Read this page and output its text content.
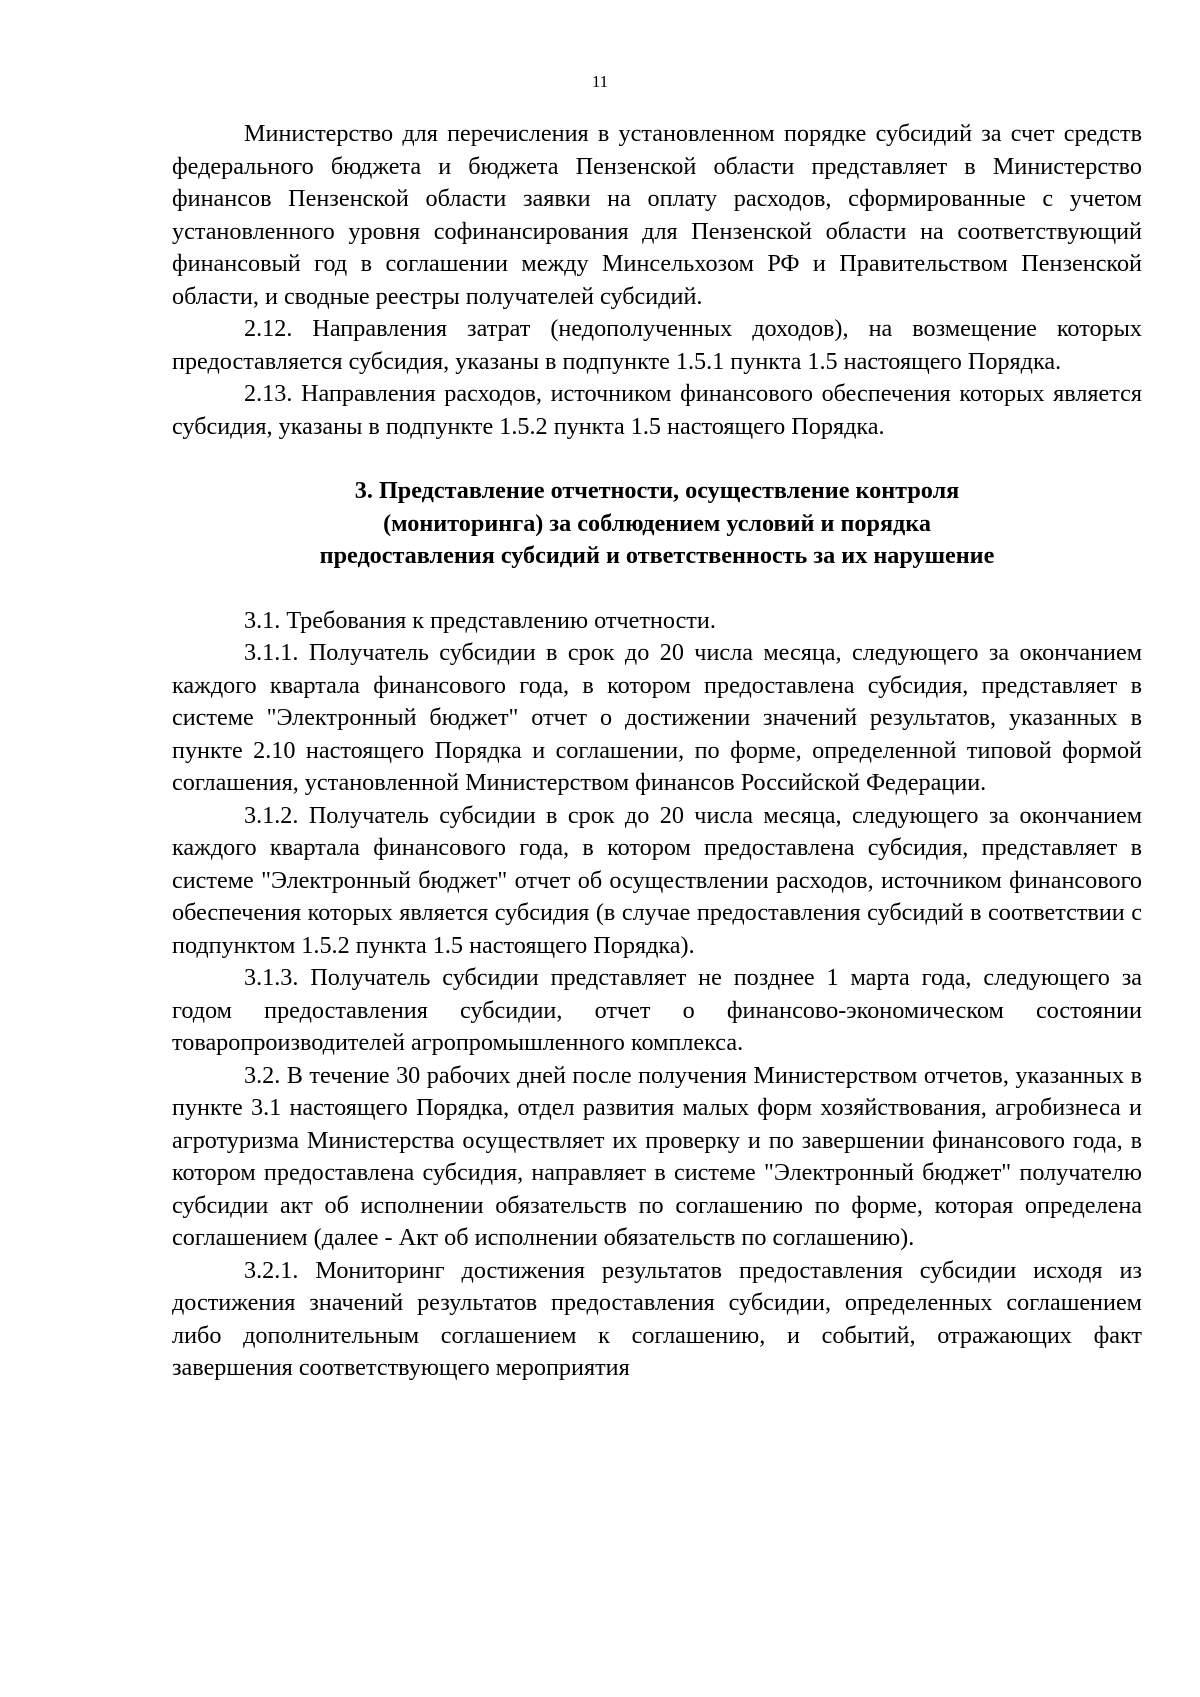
11

Министерство для перечисления в установленном порядке субсидий за счет средств федерального бюджета и бюджета Пензенской области представляет в Министерство финансов Пензенской области заявки на оплату расходов, сформированные с учетом установленного уровня софинансирования для Пензенской области на соответствующий финансовый год в соглашении между Минсельхозом РФ и Правительством Пензенской области, и сводные реестры получателей субсидий.

2.12. Направления затрат (недополученных доходов), на возмещение которых предоставляется субсидия, указаны в подпункте 1.5.1 пункта 1.5 настоящего Порядка.

2.13. Направления расходов, источником финансового обеспечения которых является субсидия, указаны в подпункте 1.5.2 пункта 1.5 настоящего Порядка.

3. Представление отчетности, осуществление контроля
(мониторинга) за соблюдением условий и порядка
предоставления субсидий и ответственность за их нарушение

3.1. Требования к представлению отчетности.

3.1.1. Получатель субсидии в срок до 20 числа месяца, следующего за окончанием каждого квартала финансового года, в котором предоставлена субсидия, представляет в системе "Электронный бюджет" отчет о достижении значений результатов, указанных в пункте 2.10 настоящего Порядка и соглашении, по форме, определенной типовой формой соглашения, установленной Министерством финансов Российской Федерации.

3.1.2. Получатель субсидии в срок до 20 числа месяца, следующего за окончанием каждого квартала финансового года, в котором предоставлена субсидия, представляет в системе "Электронный бюджет" отчет об осуществлении расходов, источником финансового обеспечения которых является субсидия (в случае предоставления субсидий в соответствии с подпунктом 1.5.2 пункта 1.5 настоящего Порядка).

3.1.3. Получатель субсидии представляет не позднее 1 марта года, следующего за годом предоставления субсидии, отчет о финансово-экономическом состоянии товаропроизводителей агропромышленного комплекса.

3.2. В течение 30 рабочих дней после получения Министерством отчетов, указанных в пункте 3.1 настоящего Порядка, отдел развития малых форм хозяйствования, агробизнеса и агротуризма Министерства осуществляет их проверку и по завершении финансового года, в котором предоставлена субсидия, направляет в системе "Электронный бюджет" получателю субсидии акт об исполнении обязательств по соглашению по форме, которая определена соглашением (далее - Акт об исполнении обязательств по соглашению).

3.2.1. Мониторинг достижения результатов предоставления субсидии исходя из достижения значений результатов предоставления субсидии, определенных соглашением либо дополнительным соглашением к соглашению, и событий, отражающих факт завершения соответствующего мероприятия
